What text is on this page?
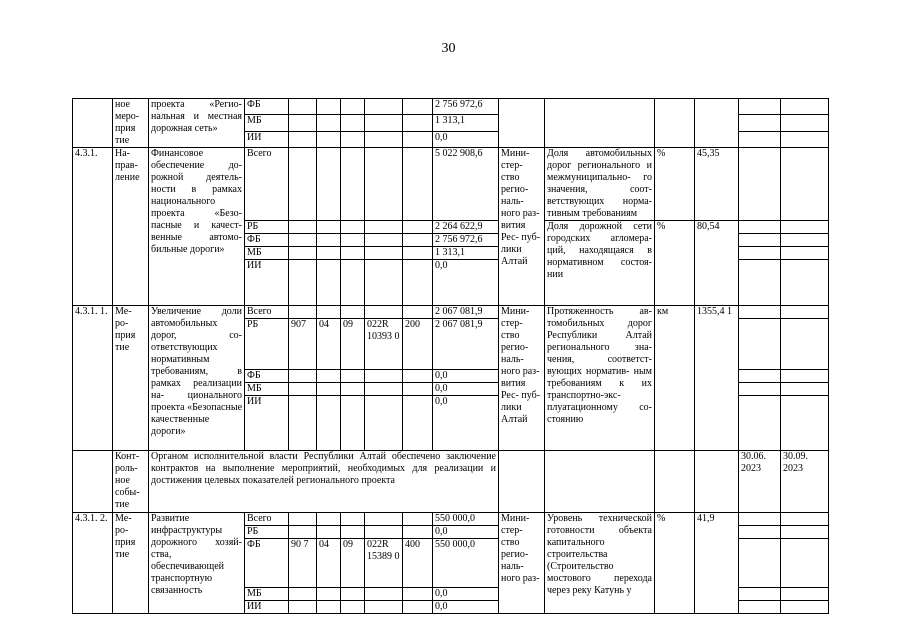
30
	ное меро- прия тие	проекта «Регио- нальная и местная дорожная сеть»	ФБ						2 756 972,6						
			МБ						1 313,1						
			ИИ						0,0						
4.3.1.	На- прав- ление	Финансовое обеспечение до- рожной деятель- ности в рамках национального проекта «Безо- пасные и качест- венные автомо- бильные дороги»	Всего						5 022 908,6	Мини- стер- ство регио- наль- ного раз- вития Рес- пуб- лики Алтай	Доля автомобильных дорог регионального и межмуниципально- го значения, соот- ветствующих норма- тивным требованиям	%	45,35		
			РБ						2 264 622,9		Доля дорожной сети городских агломера- ций, находящаяся в нормативном состоя- нии	%	80,54		
			ФБ						2 756 972,6						
			МБ						1 313,1						
			ИИ						0,0						
4.3.1. 1.	Ме- ро- прия тие	Увеличение доли автомобильных дорог, со- ответствующих нормативным требованиям, в рамках реализации на- ционального проекта «Безопасные качественные дороги»	Всего						2 067 081,9	Мини- стер- ство регио- наль- ного раз- вития Рес- пуб- лики Алтай	Протяженность ав- томобильных дорог Республики Алтай регионального зна- чения, соответст- вующих норматив- ным требованиям к их транспортно-экс- плуатационному со- стоянию	км	1355,4 1		
			РБ	907	04	09	022R 10393 0	200	2 067 081,9						
			ФБ						0,0						
			МБ						0,0						
			ИИ						0,0						
	Конт- роль- ное собы- тие	Органом исполнительной власти Республики Алтай обеспечено заключение контрактов на выполнение мероприятий, необходимых для реализации и достижения целевых показателей регионального проекта												30.06. 2023	30.09. 2023
4.3.1. 2.	Ме- ро- прия тие	Развитие инфраструктуры дорожного хозяй- ства, обеспечивающей транспортную связанность	Всего						550 000,0	Мини- стер- ство регио- наль- ного раз-	Уровень технической готовности объекта капитального строительства (Строительство мостового перехода через реку Катунь у	%	41,9		
			РБ						0,0						
			ФБ	90 7	04	09	022R 15389 0	400	550 000,0						
			МБ						0,0						
			ИИ						0,0						
